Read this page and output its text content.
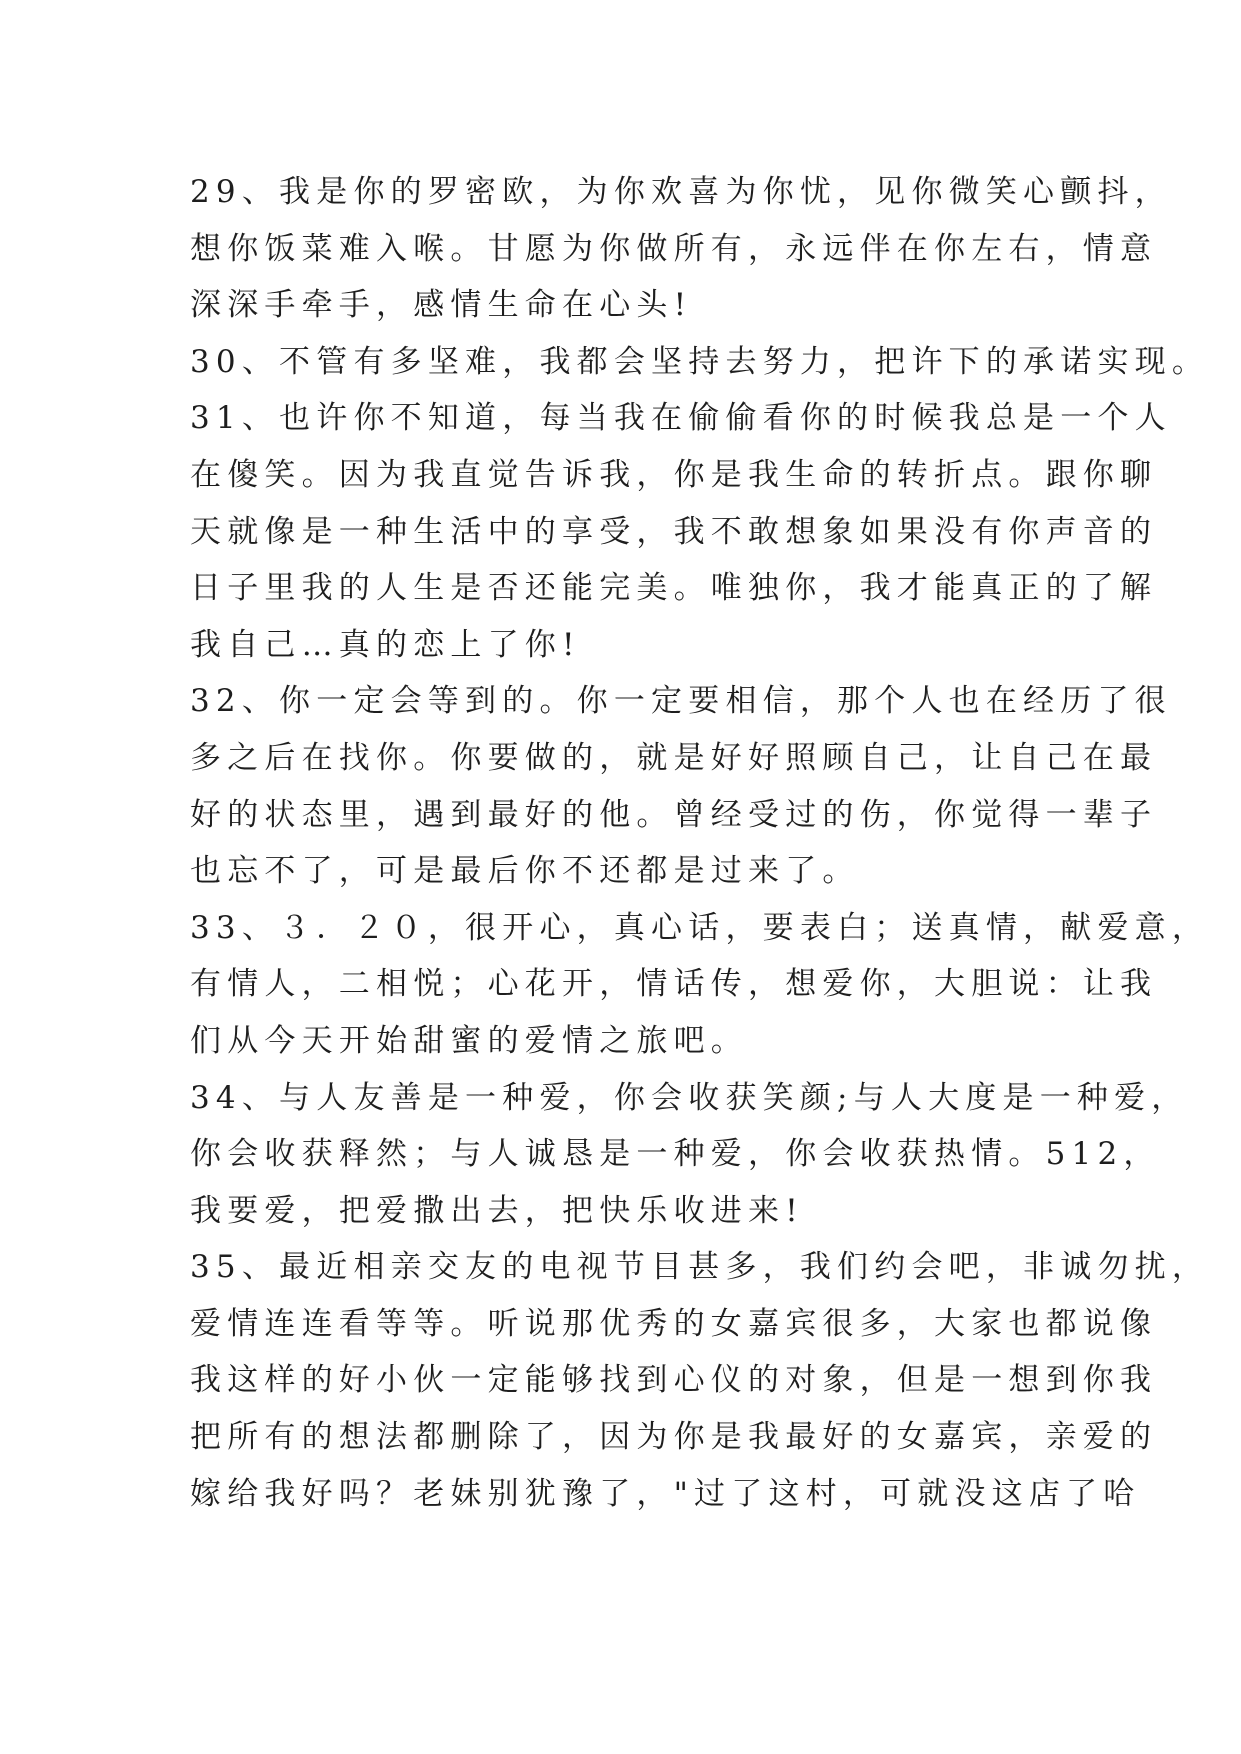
29、我是你的罗密欧，为你欢喜为你忧，见你微笑心颤抖，
想你饭菜难入喉。甘愿为你做所有，永远伴在你左右，情意
深深手牵手，感情生命在心头!
30、不管有多坚难，我都会坚持去努力，把许下的承诺实现。
31、也许你不知道，每当我在偷偷看你的时候我总是一个人
在傻笑。因为我直觉告诉我，你是我生命的转折点。跟你聊
天就像是一种生活中的享受，我不敢想象如果没有你声音的
日子里我的人生是否还能完美。唯独你，我才能真正的了解
我自己…真的恋上了你!
32、你一定会等到的。你一定要相信，那个人也在经历了很
多之后在找你。你要做的，就是好好照顾自己，让自己在最
好的状态里，遇到最好的他。曾经受过的伤，你觉得一辈子
也忘不了，可是最后你不还都是过来了。
33、３．２０，很开心，真心话，要表白；送真情，献爱意，
有情人，二相悦；心花开，情话传，想爱你，大胆说：让我
们从今天开始甜蜜的爱情之旅吧。
34、与人友善是一种爱，你会收获笑颜;与人大度是一种爱，
你会收获释然；与人诚恳是一种爱，你会收获热情。512，
我要爱，把爱撒出去，把快乐收进来!
35、最近相亲交友的电视节目甚多，我们约会吧，非诚勿扰，
爱情连连看等等。听说那优秀的女嘉宾很多，大家也都说像
我这样的好小伙一定能够找到心仪的对象，但是一想到你我
把所有的想法都删除了，因为你是我最好的女嘉宾，亲爱的
嫁给我好吗？老妹别犹豫了，"过了这村，可就没这店了哈
